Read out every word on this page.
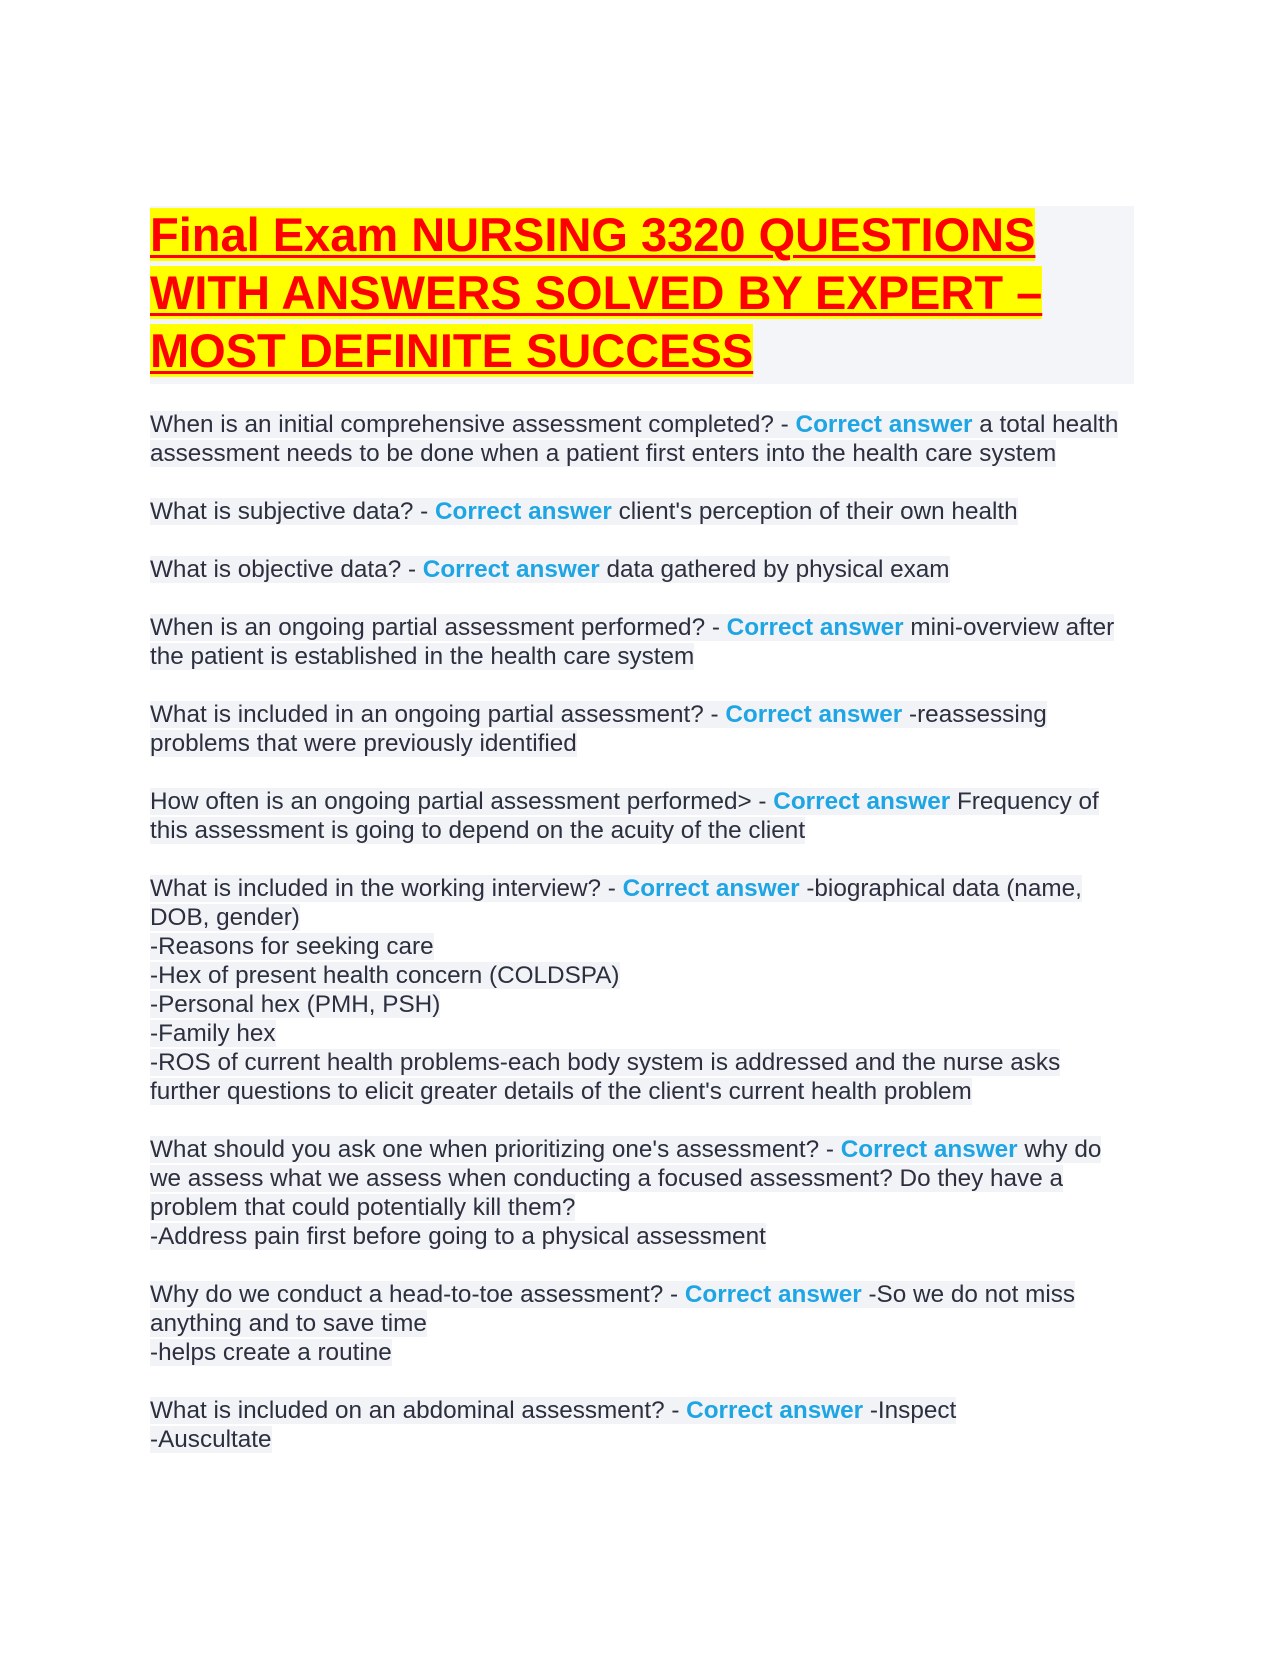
Final Exam NURSING 3320 QUESTIONS WITH ANSWERS SOLVED BY EXPERT – MOST DEFINITE SUCCESS
When is an initial comprehensive assessment completed? - Correct answer a total health assessment needs to be done when a patient first enters into the health care system
What is subjective data? - Correct answer client's perception of their own health
What is objective data? - Correct answer data gathered by physical exam
When is an ongoing partial assessment performed? - Correct answer mini-overview after the patient is established in the health care system
What is included in an ongoing partial assessment? - Correct answer -reassessing problems that were previously identified
How often is an ongoing partial assessment performed> - Correct answer Frequency of this assessment is going to depend on the acuity of the client
What is included in the working interview? - Correct answer -biographical data (name, DOB, gender)
-Reasons for seeking care
-Hex of present health concern (COLDSPA)
-Personal hex (PMH, PSH)
-Family hex
-ROS of current health problems-each body system is addressed and the nurse asks further questions to elicit greater details of the client's current health problem
What should you ask one when prioritizing one's assessment? - Correct answer why do we assess what we assess when conducting a focused assessment? Do they have a problem that could potentially kill them?
-Address pain first before going to a physical assessment
Why do we conduct a head-to-toe assessment? - Correct answer -So we do not miss anything and to save time
-helps create a routine
What is included on an abdominal assessment? - Correct answer -Inspect
-Auscultate
